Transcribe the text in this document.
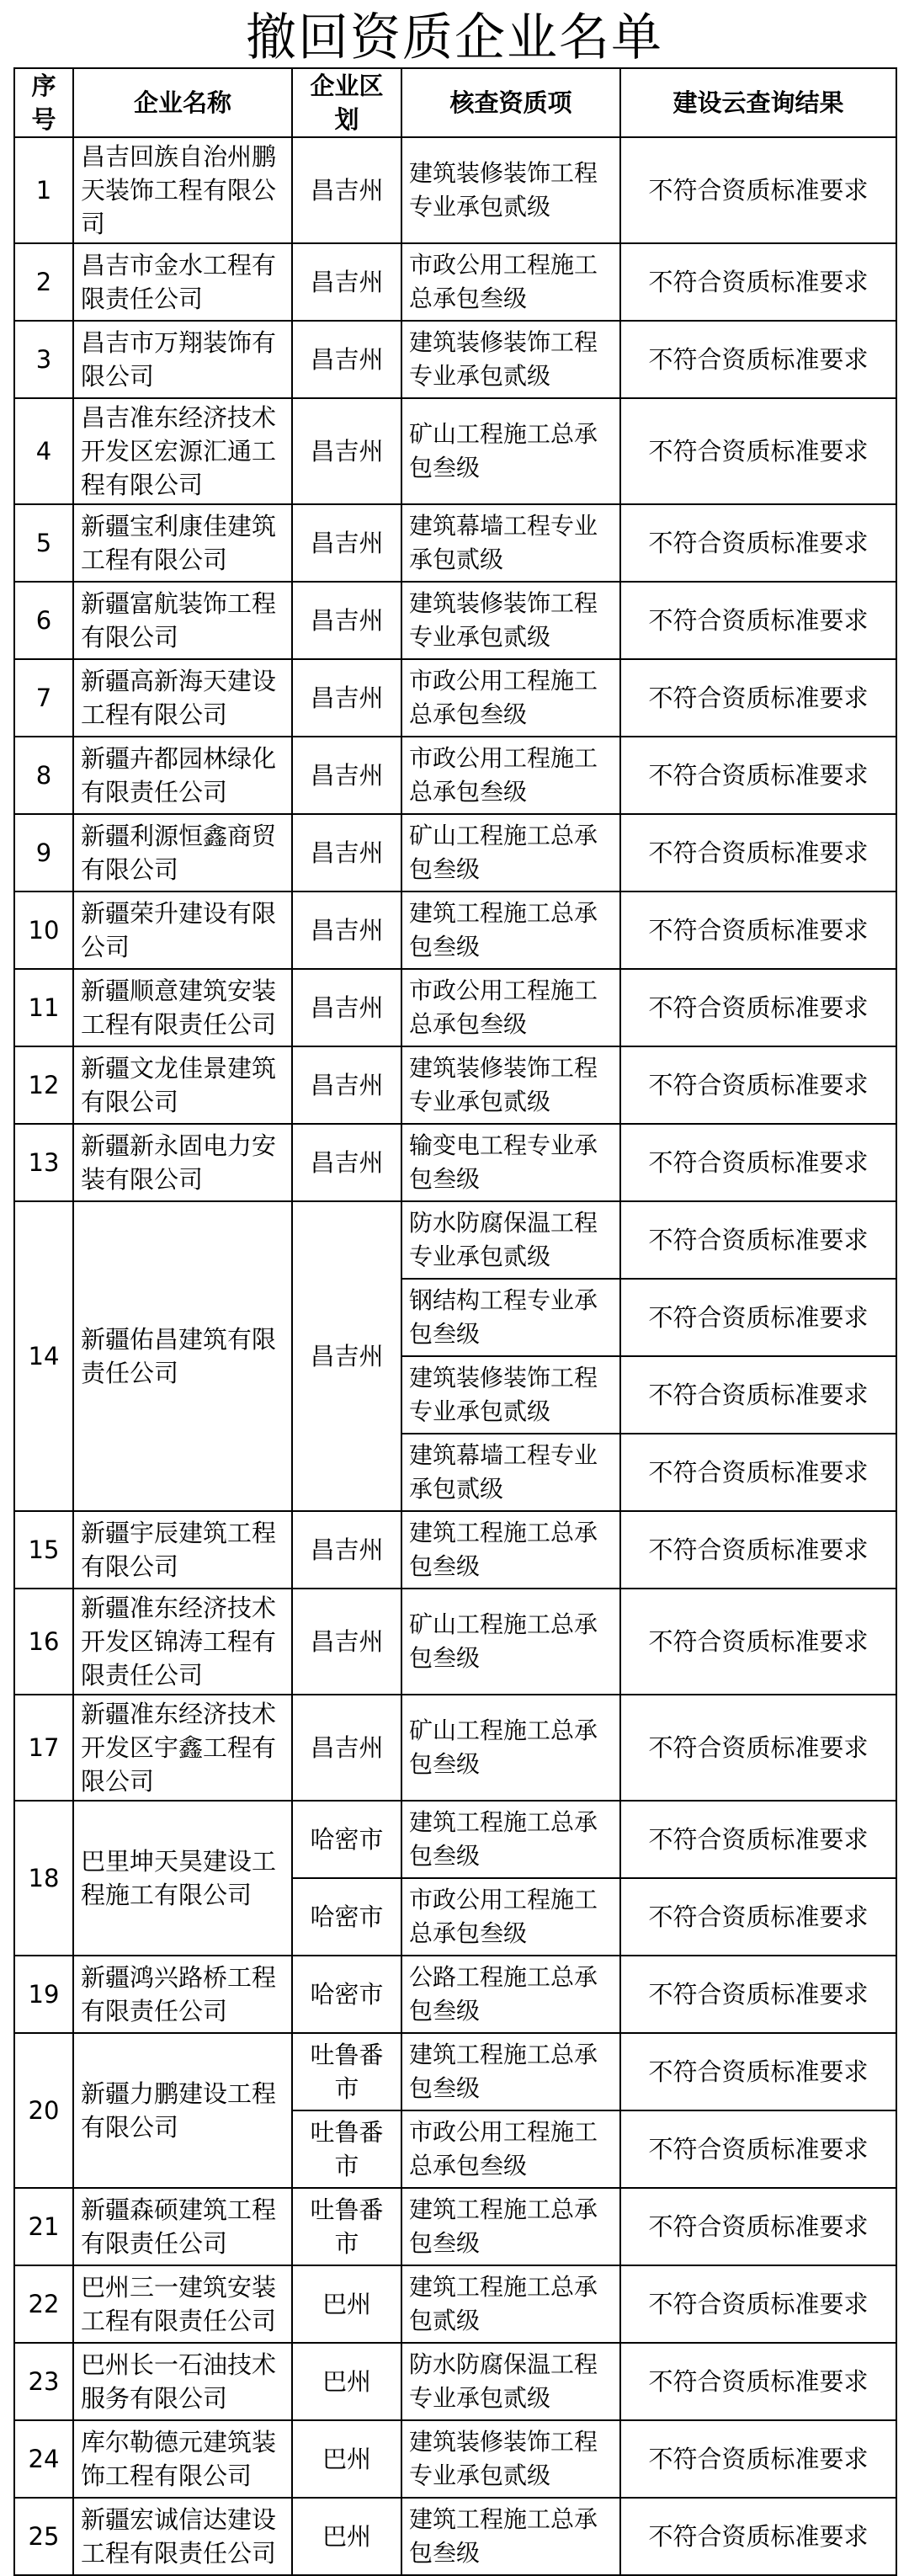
撤回资质企业名单
序号	企业名称	企业区划	核查资质项	建设云查询结果
1	昌吉回族自治州鹏天装饰工程有限公司	昌吉州	建筑装修装饰工程专业承包贰级	不符合资质标准要求
2	昌吉市金水工程有限责任公司	昌吉州	市政公用工程施工总承包叁级	不符合资质标准要求
3	昌吉市万翔装饰有限公司	昌吉州	建筑装修装饰工程专业承包贰级	不符合资质标准要求
4	昌吉准东经济技术开发区宏源汇通工程有限公司	昌吉州	矿山工程施工总承包叁级	不符合资质标准要求
5	新疆宝利康佳建筑工程有限公司	昌吉州	建筑幕墙工程专业承包贰级	不符合资质标准要求
6	新疆富航装饰工程有限公司	昌吉州	建筑装修装饰工程专业承包贰级	不符合资质标准要求
7	新疆高新海天建设工程有限公司	昌吉州	市政公用工程施工总承包叁级	不符合资质标准要求
8	新疆卉都园林绿化有限责任公司	昌吉州	市政公用工程施工总承包叁级	不符合资质标准要求
9	新疆利源恒鑫商贸有限公司	昌吉州	矿山工程施工总承包叁级	不符合资质标准要求
10	新疆荣升建设有限公司	昌吉州	建筑工程施工总承包叁级	不符合资质标准要求
11	新疆顺意建筑安装工程有限责任公司	昌吉州	市政公用工程施工总承包叁级	不符合资质标准要求
12	新疆文龙佳景建筑有限公司	昌吉州	建筑装修装饰工程专业承包贰级	不符合资质标准要求
13	新疆新永固电力安装有限公司	昌吉州	输变电工程专业承包叁级	不符合资质标准要求
14	新疆佑昌建筑有限责任公司	昌吉州	防水防腐保温工程专业承包贰级	不符合资质标准要求
			钢结构工程专业承包叁级	不符合资质标准要求
			建筑装修装饰工程专业承包贰级	不符合资质标准要求
			建筑幕墙工程专业承包贰级	不符合资质标准要求
15	新疆宇辰建筑工程有限公司	昌吉州	建筑工程施工总承包叁级	不符合资质标准要求
16	新疆准东经济技术开发区锦涛工程有限责任公司	昌吉州	矿山工程施工总承包叁级	不符合资质标准要求
17	新疆准东经济技术开发区宇鑫工程有限公司	昌吉州	矿山工程施工总承包叁级	不符合资质标准要求
18	巴里坤天昊建设工程施工有限公司	哈密市	建筑工程施工总承包叁级	不符合资质标准要求
		哈密市	市政公用工程施工总承包叁级	不符合资质标准要求
19	新疆鸿兴路桥工程有限责任公司	哈密市	公路工程施工总承包叁级	不符合资质标准要求
20	新疆力鹏建设工程有限公司	吐鲁番市	建筑工程施工总承包叁级	不符合资质标准要求
		吐鲁番市	市政公用工程施工总承包叁级	不符合资质标准要求
21	新疆森硕建筑工程有限责任公司	吐鲁番市	建筑工程施工总承包叁级	不符合资质标准要求
22	巴州三一建筑安装工程有限责任公司	巴州	建筑工程施工总承包贰级	不符合资质标准要求
23	巴州长一石油技术服务有限公司	巴州	防水防腐保温工程专业承包贰级	不符合资质标准要求
24	库尔勒德元建筑装饰工程有限公司	巴州	建筑装修装饰工程专业承包贰级	不符合资质标准要求
25	新疆宏诚信达建设工程有限责任公司	巴州	建筑工程施工总承包叁级	不符合资质标准要求
